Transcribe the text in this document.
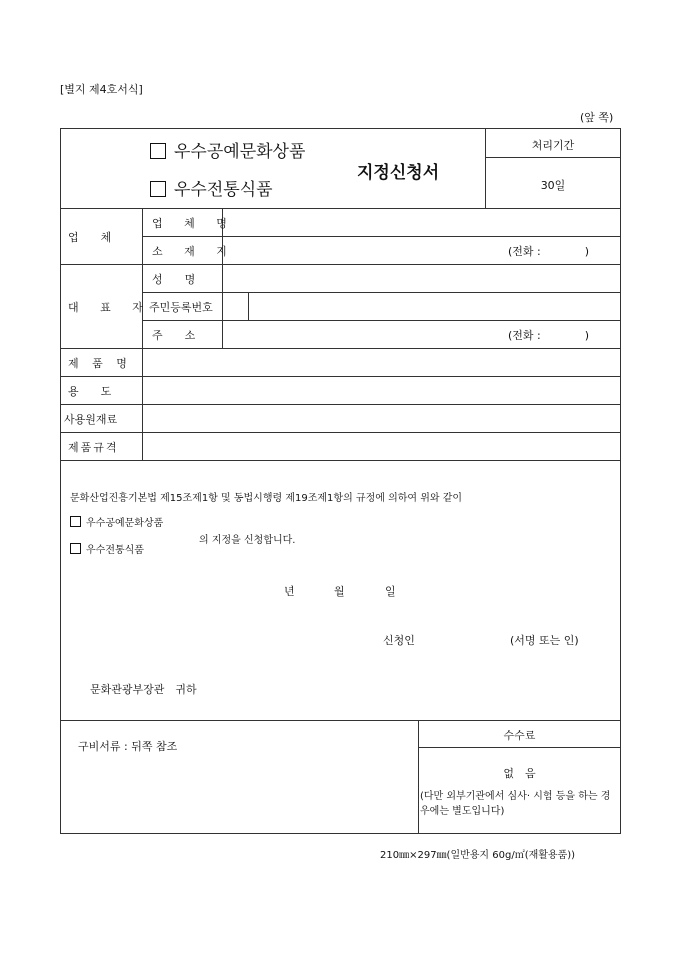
[별지 제4호서식]
(앞 쪽)
우수공예문화상품
우수전통식품
지정신청서
처리기간
30일
업　　체
업 체 명
소 재 지	(전화 :　　　　)
대 표 자
성　　명
주민등록번호
주　　소	(전화 :　　　　)
제 품 명
용　　도
사용원재료
제품규격
문화산업진흥기본법 제15조제1항 및 동법시행령 제19조제1항의 규정에 의하여 위와 같이
우수공예문화상품
우수전통식품
의 지정을 신청합니다.
년	월	일
신청인	(서명 또는 인)
문화관광부장관　귀하
구비서류 : 뒤쪽 참조
수수료
없　음
(다만 외부기관에서 심사· 시험 등을 하는 경우에는 별도입니다)
210㎜×297㎜(일반용지 60g/㎡(재활용품))
